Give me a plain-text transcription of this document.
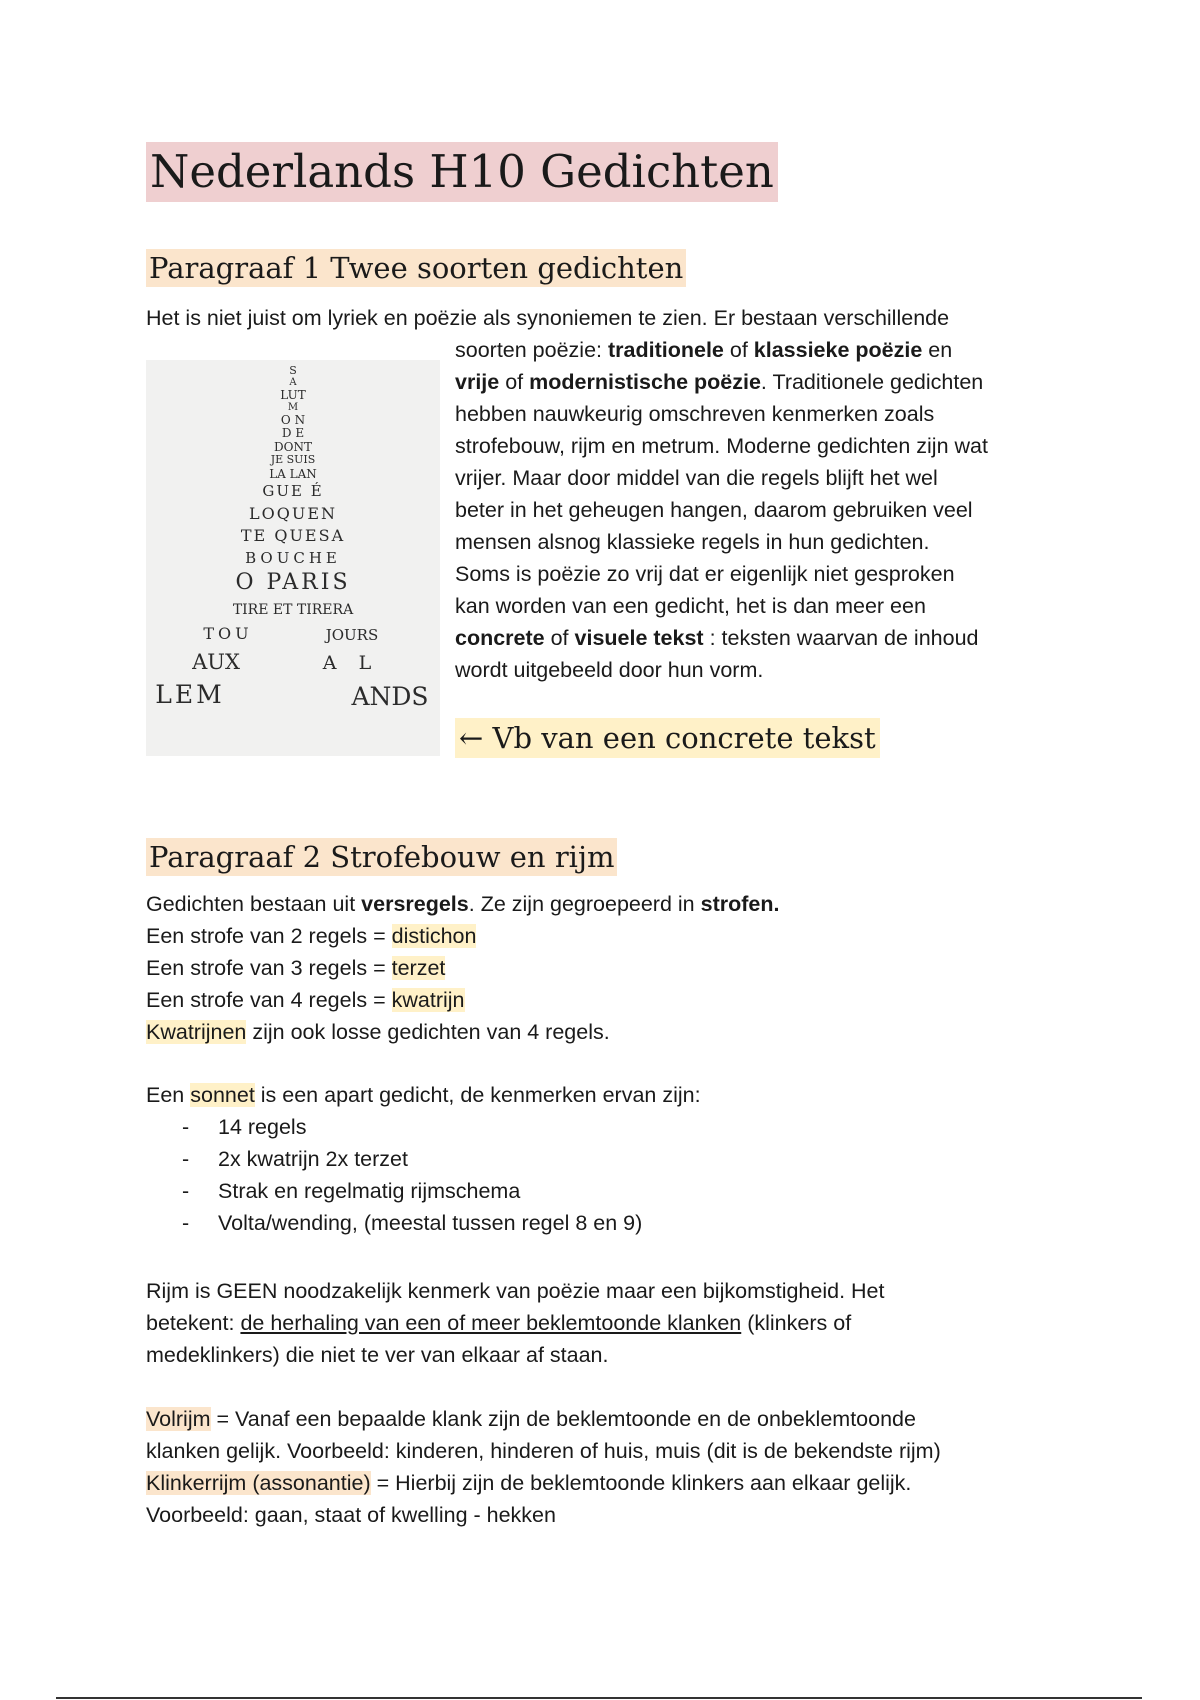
Nederlands H10 Gedichten
Paragraaf 1 Twee soorten gedichten
Het is niet juist om lyriek en poëzie als synoniemen te zien. Er bestaan verschillende
soorten poëzie: traditionele of klassieke poëzie en
vrije of modernistische poëzie. Traditionele gedichten
hebben nauwkeurig omschreven kenmerken zoals
strofebouw, rijm en metrum. Moderne gedichten zijn wat
vrijer. Maar door middel van die regels blijft het wel
beter in het geheugen hangen, daarom gebruiken veel
mensen alsnog klassieke regels in hun gedichten.
Soms is poëzie zo vrij dat er eigenlijk niet gesproken
kan worden van een gedicht, het is dan meer een
concrete of visuele tekst : teksten waarvan de inhoud
wordt uitgebeeld door hun vorm.
S
A
LUT
M
O N
D E
DONT
JE SUIS
LA LAN
GUE É
LOQUEN
TE QUESA
BOUCHE
O PARIS
TIRE ET TIRERA
TOU	JOURS
AUX	A L
LEM	ANDS
← Vb van een concrete tekst
Paragraaf 2 Strofebouw en rijm
Gedichten bestaan uit versregels. Ze zijn gegroepeerd in strofen.
Een strofe van 2 regels = distichon
Een strofe van 3 regels = terzet
Een strofe van 4 regels = kwatrijn
Kwatrijnen zijn ook losse gedichten van 4 regels.
Een sonnet is een apart gedicht, de kenmerken ervan zijn:
- 14 regels
- 2x kwatrijn 2x terzet
- Strak en regelmatig rijmschema
- Volta/wending, (meestal tussen regel 8 en 9)
Rijm is GEEN noodzakelijk kenmerk van poëzie maar een bijkomstigheid. Het
betekent: de herhaling van een of meer beklemtoonde klanken (klinkers of
medeklinkers) die niet te ver van elkaar af staan.
Volrijm = Vanaf een bepaalde klank zijn de beklemtoonde en de onbeklemtoonde
klanken gelijk. Voorbeeld: kinderen, hinderen of huis, muis (dit is de bekendste rijm)
Klinkerrijm (assonantie) = Hierbij zijn de beklemtoonde klinkers aan elkaar gelijk.
Voorbeeld: gaan, staat of kwelling - hekken
